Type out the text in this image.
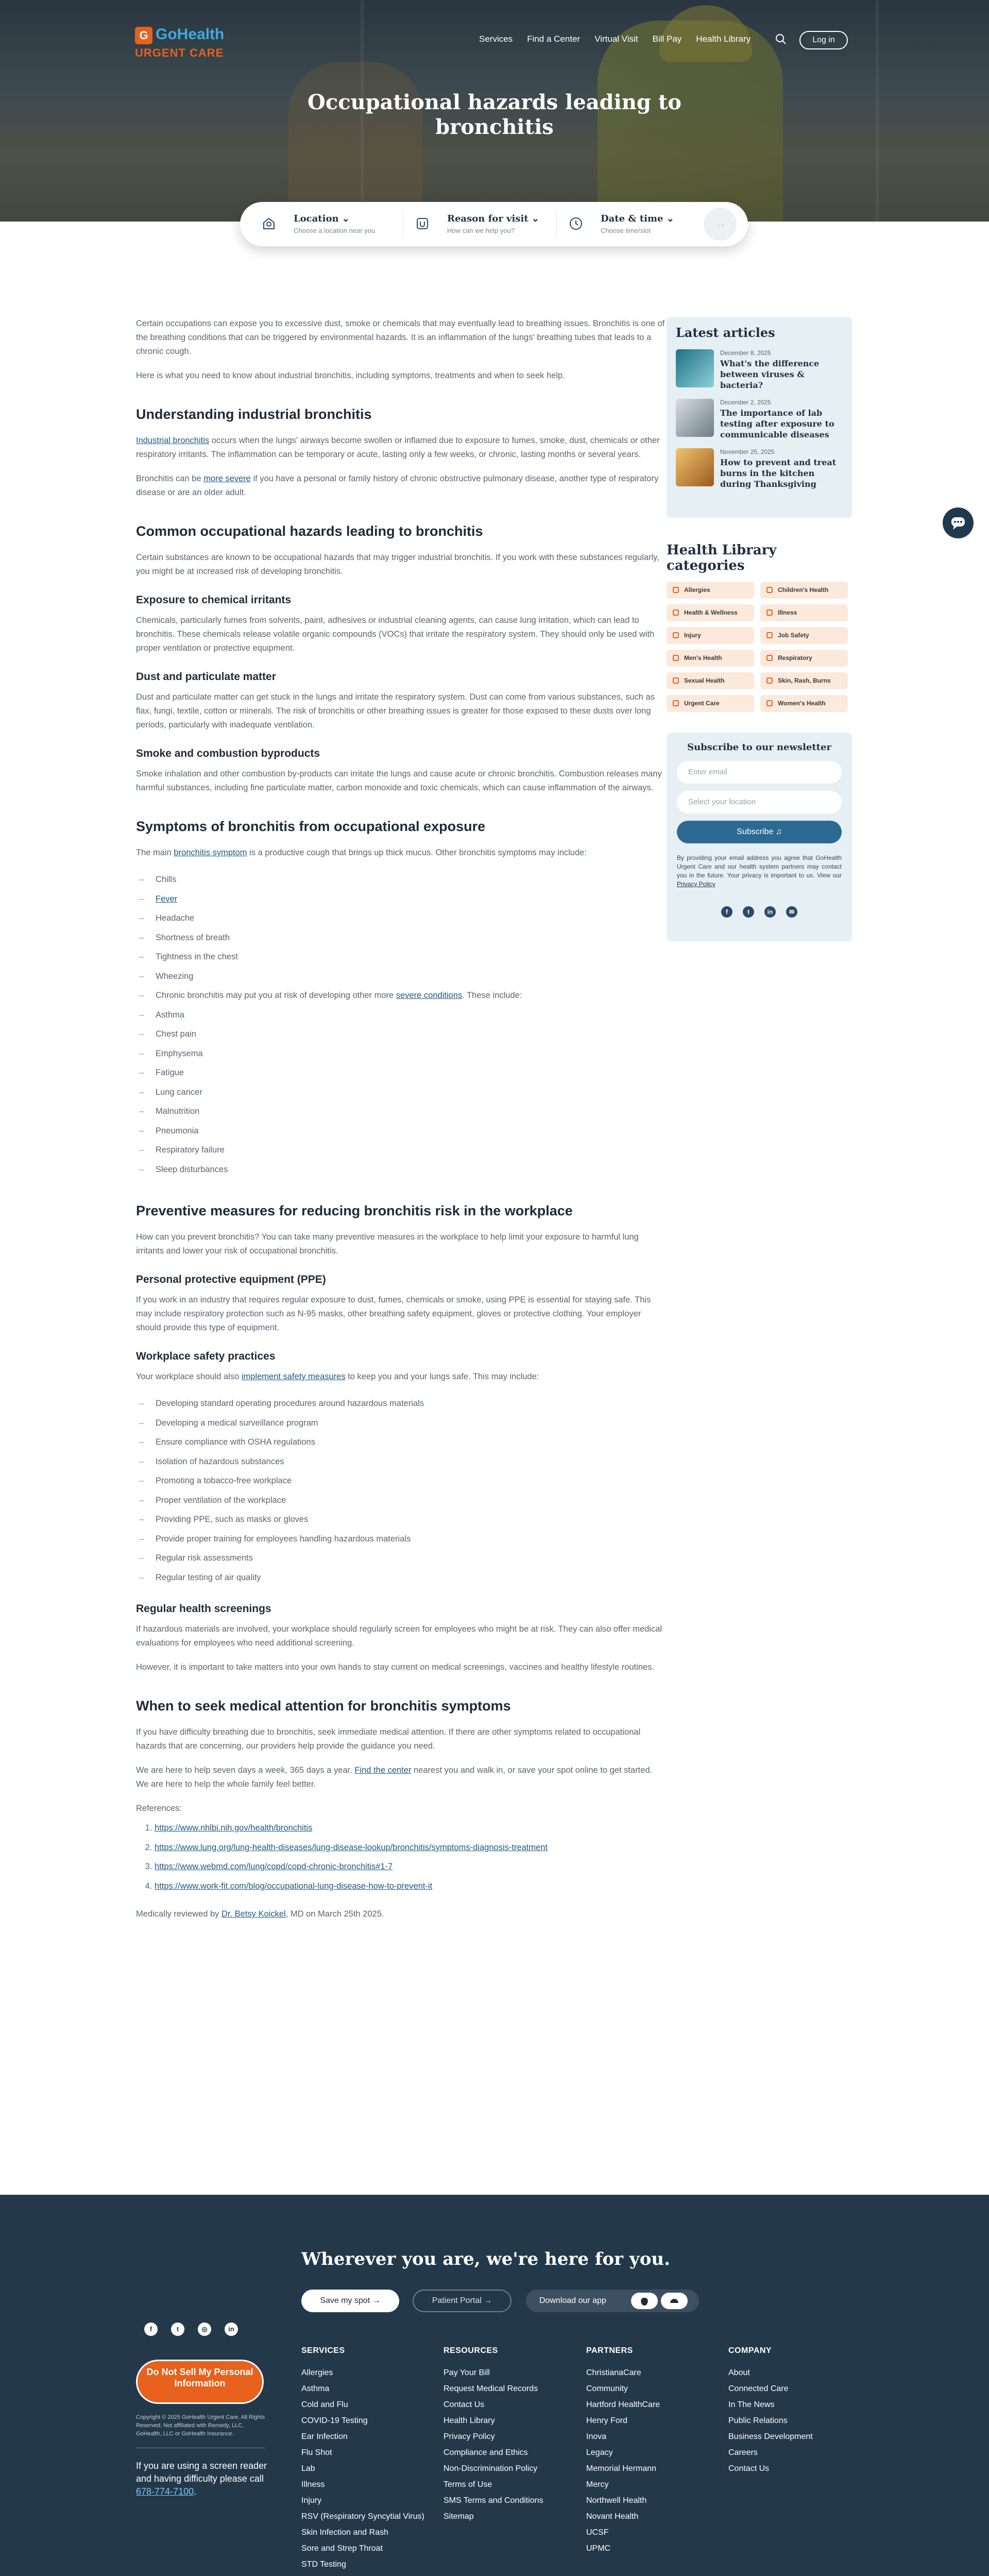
G GoHealth
URGENT CARE
Services Find a Center Virtual Visit Bill Pay Health Library	Log in
Occupational hazards leading to bronchitis
Location ⌄
Choose a location near you
Reason for visit ⌄
How can we help you?
Date & time ⌄
Choose time/slot
→

Certain occupations can expose you to excessive dust, smoke or chemicals that may eventually lead to breathing issues. Bronchitis is one of the breathing conditions that can be triggered by environmental hazards. It is an inflammation of the lungs' breathing tubes that leads to a chronic cough.

Here is what you need to know about industrial bronchitis, including symptoms, treatments and when to seek help.

Understanding industrial bronchitis

Industrial bronchitis occurs when the lungs' airways become swollen or inflamed due to exposure to fumes, smoke, dust, chemicals or other respiratory irritants. The inflammation can be temporary or acute, lasting only a few weeks, or chronic, lasting months or several years.

Bronchitis can be more severe if you have a personal or family history of chronic obstructive pulmonary disease, another type of respiratory disease or are an older adult.

Common occupational hazards leading to bronchitis

Certain substances are known to be occupational hazards that may trigger industrial bronchitis. If you work with these substances regularly, you might be at increased risk of developing bronchitis.

Exposure to chemical irritants

Chemicals, particularly fumes from solvents, paint, adhesives or industrial cleaning agents, can cause lung irritation, which can lead to bronchitis. These chemicals release volatile organic compounds (VOCs) that irritate the respiratory system. They should only be used with proper ventilation or protective equipment.

Dust and particulate matter

Dust and particulate matter can get stuck in the lungs and irritate the respiratory system. Dust can come from various substances, such as flax, fungi, textile, cotton or minerals. The risk of bronchitis or other breathing issues is greater for those exposed to these dusts over long periods, particularly with inadequate ventilation.

Smoke and combustion byproducts

Smoke inhalation and other combustion by-products can irritate the lungs and cause acute or chronic bronchitis. Combustion releases many harmful substances, including fine particulate matter, carbon monoxide and toxic chemicals, which can cause inflammation of the airways.

Symptoms of bronchitis from occupational exposure

The main bronchitis symptom is a productive cough that brings up thick mucus. Other bronchitis symptoms may include:

– Chills
– Fever
– Headache
– Shortness of breath
– Tightness in the chest
– Wheezing
– Chronic bronchitis may put you at risk of developing other more severe conditions. These include:
– Asthma
– Chest pain
– Emphysema
– Fatigue
– Lung cancer
– Malnutrition
– Pneumonia
– Respiratory failure
– Sleep disturbances
Preventive measures for reducing bronchitis risk in the workplace

How can you prevent bronchitis? You can take many preventive measures in the workplace to help limit your exposure to harmful lung irritants and lower your risk of occupational bronchitis.

Personal protective equipment (PPE)

If you work in an industry that requires regular exposure to dust, fumes, chemicals or smoke, using PPE is essential for staying safe. This may include respiratory protection such as N-95 masks, other breathing safety equipment, gloves or protective clothing. Your employer should provide this type of equipment.

Workplace safety practices

Your workplace should also implement safety measures to keep you and your lungs safe. This may include:

– Developing standard operating procedures around hazardous materials
– Developing a medical surveillance program
– Ensure compliance with OSHA regulations
– Isolation of hazardous substances
– Promoting a tobacco-free workplace
– Proper ventilation of the workplace
– Providing PPE, such as masks or gloves
– Provide proper training for employees handling hazardous materials
– Regular risk assessments
– Regular testing of air quality
Regular health screenings

If hazardous materials are involved, your workplace should regularly screen for employees who might be at risk. They can also offer medical evaluations for employees who need additional screening.

However, it is important to take matters into your own hands to stay current on medical screenings, vaccines and healthy lifestyle routines.

When to seek medical attention for bronchitis symptoms

If you have difficulty breathing due to bronchitis, seek immediate medical attention. If there are other symptoms related to occupational hazards that are concerning, our providers help provide the guidance you need.

We are here to help seven days a week, 365 days a year. Find the center nearest you and walk in, or save your spot online to get started. We are here to help the whole family feel better.

References:

1. https://www.nhlbi.nih.gov/health/bronchitis
2. https://www.lung.org/lung-health-diseases/lung-disease-lookup/bronchitis/symptoms-diagnosis-treatment
3. https://www.webmd.com/lung/copd/copd-chronic-bronchitis#1-7
4. https://www.work-fit.com/blog/occupational-lung-disease-how-to-prevent-it

Medically reviewed by Dr. Betsy Koickel, MD on March 25th 2025.

Latest articles
December 8, 2025
What's the difference between viruses & bacteria?
December 2, 2025
The importance of lab testing after exposure to communicable diseases
November 25, 2025
How to prevent and treat burns in the kitchen during Thanksgiving
Health Library categories
Allergies	Children's Health
Health & Wellness	Illness
Injury	Job Safety
Men's Health	Respiratory
Sexual Health	Skin, Rash, Burns
Urgent Care	Women's Health
Subscribe to our newsletter
Enter email
Select your location
Subscribe ♫

By providing your email address you agree that GoHealth Urgent Care and our health system partners may contact you in the future. Your privacy is important to us. View our Privacy Policy

f	t	in	✉
Wherever you are, we're here for you.
Save my spot →	Patient Portal →	Download our app
f	t	◎	in
Do Not Sell My Personal Information

Copyright © 2025 GoHealth Urgent Care. All Rights Reserved. Not affiliated with Remedy, LLC, GoHealth, LLC or GoHealth Insurance.

If you are using a screen reader and having difficulty please call 678-774-7100.

SERVICES
Allergies
Asthma
Cold and Flu
COVID-19 Testing
Ear Infection
Flu Shot
Lab
Illness
Injury
RSV (Respiratory Syncytial Virus)
Skin Infection and Rash
Sore and Strep Throat
STD Testing
RESOURCES
Pay Your Bill
Request Medical Records
Contact Us
Health Library
Privacy Policy
Compliance and Ethics
Non-Discrimination Policy
Terms of Use
SMS Terms and Conditions
Sitemap
PARTNERS
ChristianaCare
Community
Hartford HealthCare
Henry Ford
Inova
Legacy
Memorial Hermann
Mercy
Northwell Health
Novant Health
UCSF
UPMC
COMPANY
About
Connected Care
In The News
Public Relations
Business Development
Careers
Contact Us
